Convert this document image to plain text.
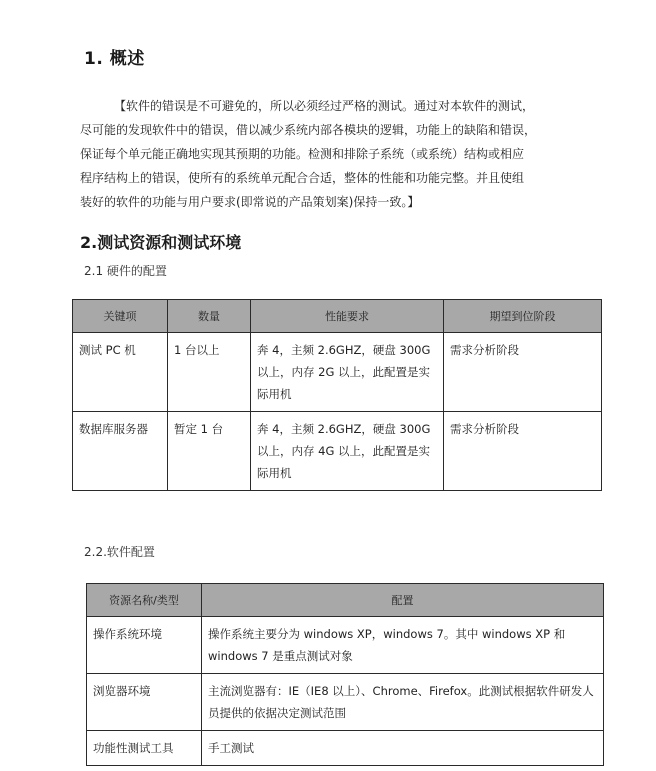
1. 概述
【软件的错误是不可避免的，所以必须经过严格的测试。通过对本软件的测试，
尽可能的发现软件中的错误，借以减少系统内部各模块的逻辑，功能上的缺陷和错误，
保证每个单元能正确地实现其预期的功能。检测和排除子系统（或系统）结构或相应
程序结构上的错误，使所有的系统单元配合合适，整体的性能和功能完整。并且使组
装好的软件的功能与用户要求(即常说的产品策划案)保持一致。】
2.测试资源和测试环境
2.1 硬件的配置
关键项	数量	性能要求	期望到位阶段
测试 PC 机	1 台以上	奔 4，主频 2.6GHZ，硬盘 300G 以上，内存 2G 以上，此配置是实际用机	需求分析阶段
数据库服务器	暂定 1 台	奔 4，主频 2.6GHZ，硬盘 300G 以上，内存 4G 以上，此配置是实际用机	需求分析阶段
2.2.软件配置
资源名称/类型	配置
操作系统环境	操作系统主要分为 windows XP，windows 7。其中 windows XP 和 windows 7 是重点测试对象
浏览器环境	主流浏览器有：IE（IE8 以上）、Chrome、Firefox。此测试根据软件研发人员提供的依据决定测试范围
功能性测试工具	手工测试
